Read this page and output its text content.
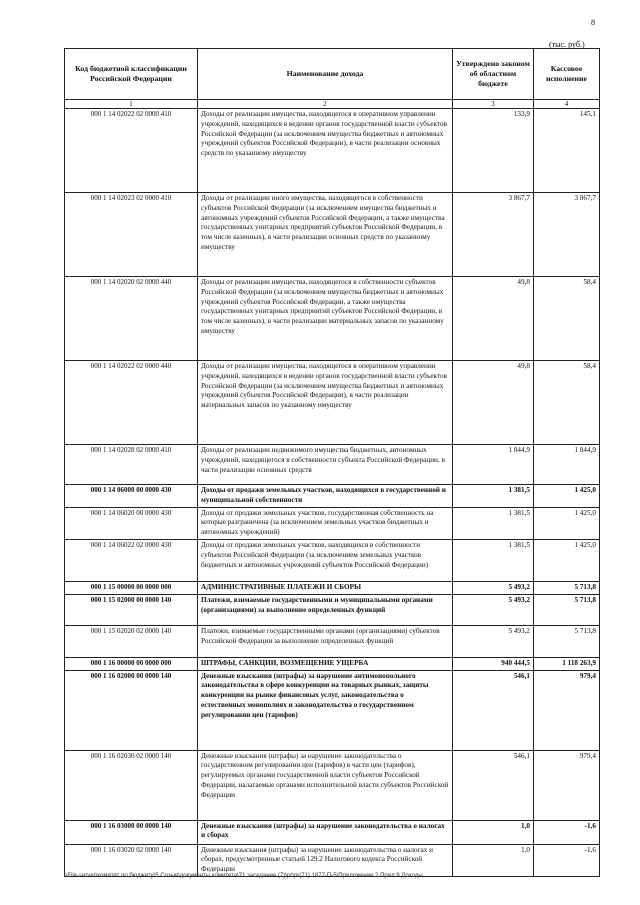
8
(тыс. руб.)
Код бюджетной классификации Российской Федерации	Наименование дохода	Утверждено законом об областном бюджете	Кассовое исполнение
1	2	3	4
000 1 14 02022 02 0000 410	Доходы от реализации имущества, находящегося в оперативном управлении учреждений, находящихся в ведении органов государственной власти субъектов Российской Федерации (за исключением имущества бюджетных и автономных учреждений субъектов Российской Федерации), в части реализации основных средств по указанному имуществу	133,9	145,1
000 1 14 02023 02 0000 410	Доходы от реализации иного имущества, находящегося в собственности субъектов Российской Федерации (за исключением имущества бюджетных и автономных учреждений субъектов Российской Федерации, а также имущества государственных унитарных предприятий субъектов Российской Федерации, в том числе казенных), в части реализации основных средств по указанному имуществу	3 867,7	3 867,7
000 1 14 02020 02 0000 440	Доходы от реализации имущества, находящегося в собственности субъектов Российской Федерации (за исключением имущества бюджетных и автономных учреждений субъектов Российской Федерации, а также имущества государственных унитарных предприятий субъектов Российской Федерации, в том числе казенных), в части реализации материальных запасов по указанному имуществу	49,8	58,4
000 1 14 02022 02 0000 440	Доходы от реализации имущества, находящегося в оперативном управлении учреждений, находящихся в ведении органов государственной власти субъектов Российской Федерации (за исключением имущества бюджетных и автономных учреждений субъектов Российской Федерации), в части реализации материальных запасов по указанному имуществу	49,8	58,4
000 1 14 02028 02 0000 410	Доходы от реализации недвижимого имущества бюджетных, автономных учреждений, находящегося в собственности субъекта Российской Федерации, в части реализации основных средств	1 844,9	1 844,9
000 1 14 06000 00 0000 430	Доходы от продажи земельных участков, находящихся в государственной и муниципальной собственности	1 381,5	1 425,0
000 1 14 06020 00 0000 430	Доходы от продажи земельных участков, государственная собственность на которые разграничена (за исключением земельных участков бюджетных и автономных учреждений)	1 381,5	1 425,0
000 1 14 06022 02 0000 430	Доходы от продажи земельных участков, находящихся в собственности субъектов Российской Федерации (за исключением земельных участков бюджетных и автономных учреждений субъектов Российской Федерации)	1 381,5	1 425,0
000 1 15 00000 00 0000 000	АДМИНИСТРАТИВНЫЕ ПЛАТЕЖИ И СБОРЫ	5 493,2	5 713,8
000 1 15 02000 00 0000 140	Платежи, взимаемые государственными и муниципальными органами (организациями) за выполнение определенных функций	5 493,2	5 713,8
000 1 15 02020 02 0000 140	Платежи, взимаемые государственными органами (организациями) субъектов Российской Федерации за выполнение определенных функций	5 493,2	5 713,8
000 1 16 00000 00 0000 000	ШТРАФЫ, САНКЦИИ, ВОЗМЕЩЕНИЕ УЩЕРБА	940 444,5	1 118 263,9
000 1 16 02000 00 0000 140	Денежные взыскания (штрафы) за нарушение антимонопольного законодательства в сфере конкуренции на товарных рынках, защиты конкуренции на рынке финансовых услуг, законодательства о естественных монополиях и законодательства о государственном регулировании цен (тарифов)	546,1	979,4
000 1 16 02030 02 0000 140	Денежные взыскания (штрафы) за нарушение законодательства о государственном регулировании цен (тарифов) в части цен (тарифов), регулируемых органами государственной власти субъектов Российской Федерации, налагаемые органами исполнительной власти субъектов Российской Федерации	546,1	979,4
000 1 16 03000 00 0000 140	Денежные взыскания (штрафы) за нарушение законодательства о налогах и сборах	1,0	-1,6
000 1 16 03020 02 0000 140	Денежные взыскания (штрафы) за нарушение законодательства о налогах и сборах, предусмотренные статьей 129.2 Налогового кодекса Российской Федерации	1,0	-1,6
\\File-server\комитет по бюджету\5 Созыв\документы комитета\71 заседание (7)\pr\pr(71) 1877-П-5\Приложение 2 Прил 9 Доходы
